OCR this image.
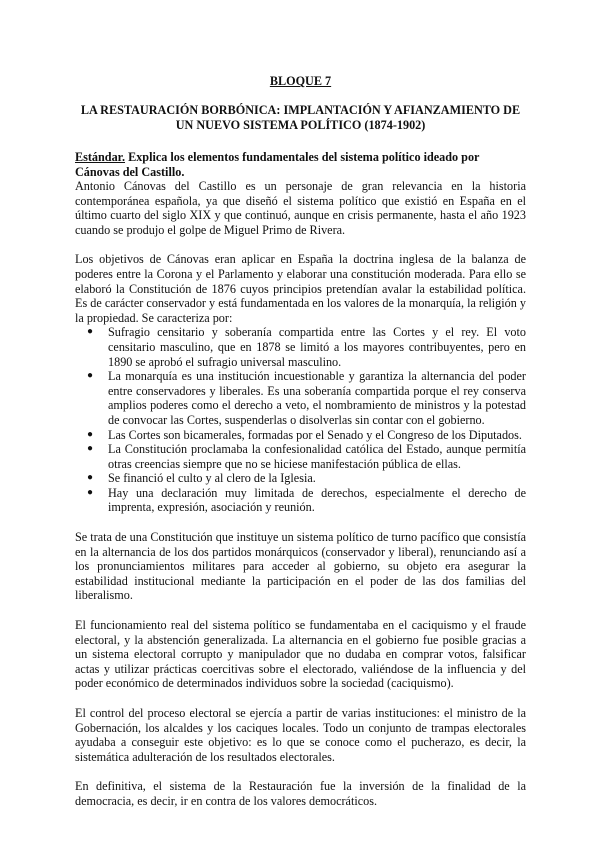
BLOQUE 7
LA RESTAURACIÓN BORBÓNICA: IMPLANTACIÓN Y AFIANZAMIENTO DE
UN NUEVO SISTEMA POLÍTICO (1874-1902)
Estándar. Explica los elementos fundamentales del sistema político ideado por Cánovas del Castillo.

Antonio Cánovas del Castillo es un personaje de gran relevancia en la historia contemporánea española, ya que diseñó el sistema político que existió en España en el último cuarto del siglo XIX y que continuó, aunque en crisis permanente, hasta el año 1923 cuando se produjo el golpe de Miguel Primo de Rivera.

Los objetivos de Cánovas eran aplicar en España la doctrina inglesa de la balanza de poderes entre la Corona y el Parlamento y elaborar una constitución moderada. Para ello se elaboró la Constitución de 1876 cuyos principios pretendían avalar la estabilidad política. Es de carácter conservador y está fundamentada en los valores de la monarquía, la religión y la propiedad. Se caracteriza por:

● Sufragio censitario y soberanía compartida entre las Cortes y el rey. El voto censitario masculino, que en 1878 se limitó a los mayores contribuyentes, pero en 1890 se aprobó el sufragio universal masculino.
● La monarquía es una institución incuestionable y garantiza la alternancia del poder entre conservadores y liberales. Es una soberanía compartida porque el rey conserva amplios poderes como el derecho a veto, el nombramiento de ministros y la potestad de convocar las Cortes, suspenderlas o disolverlas sin contar con el gobierno.
● Las Cortes son bicamerales, formadas por el Senado y el Congreso de los Diputados.
● La Constitución proclamaba la confesionalidad católica del Estado, aunque permitía otras creencias siempre que no se hiciese manifestación pública de ellas.
● Se financió el culto y al clero de la Iglesia.
● Hay una declaración muy limitada de derechos, especialmente el derecho de imprenta, expresión, asociación y reunión.

Se trata de una Constitución que instituye un sistema político de turno pacífico que consistía en la alternancia de los dos partidos monárquicos (conservador y liberal), renunciando así a los pronunciamientos militares para acceder al gobierno, su objeto era asegurar la estabilidad institucional mediante la participación en el poder de las dos familias del liberalismo.

El funcionamiento real del sistema político se fundamentaba en el caciquismo y el fraude electoral, y la abstención generalizada. La alternancia en el gobierno fue posible gracias a un sistema electoral corrupto y manipulador que no dudaba en comprar votos, falsificar actas y utilizar prácticas coercitivas sobre el electorado, valiéndose de la influencia y del poder económico de determinados individuos sobre la sociedad (caciquismo).

El control del proceso electoral se ejercía a partir de varias instituciones: el ministro de la Gobernación, los alcaldes y los caciques locales. Todo un conjunto de trampas electorales ayudaba a conseguir este objetivo: es lo que se conoce como el pucherazo, es decir, la sistemática adulteración de los resultados electorales.

En definitiva, el sistema de la Restauración fue la inversión de la finalidad de la democracia, es decir, ir en contra de los valores democráticos.
